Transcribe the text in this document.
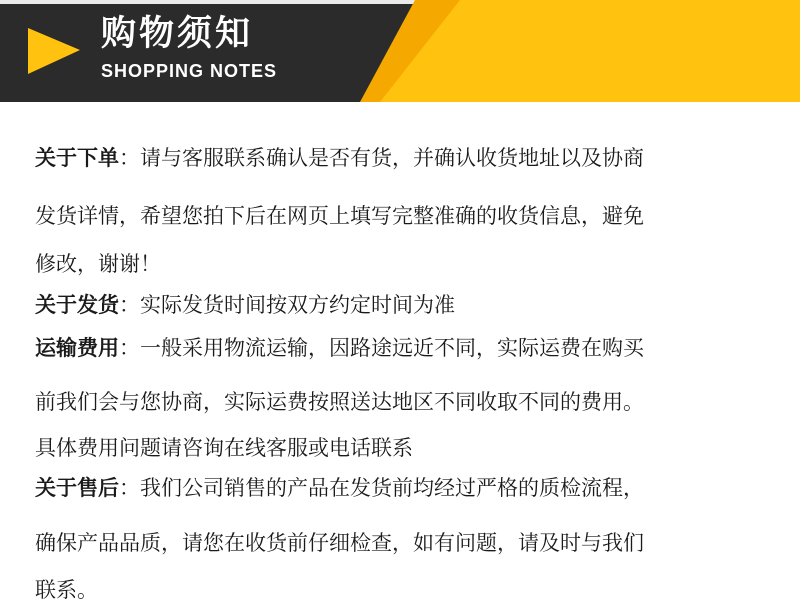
购物须知
SHOPPING NOTES
关于下单：请与客服联系确认是否有货，并确认收货地址以及协商
发货详情，希望您拍下后在网页上填写完整准确的收货信息，避免
修改，谢谢！
关于发货：实际发货时间按双方约定时间为准
运输费用：一般采用物流运输，因路途远近不同，实际运费在购买
前我们会与您协商，实际运费按照送达地区不同收取不同的费用。
具体费用问题请咨询在线客服或电话联系
关于售后：我们公司销售的产品在发货前均经过严格的质检流程，
确保产品品质，请您在收货前仔细检查，如有问题，请及时与我们
联系。
